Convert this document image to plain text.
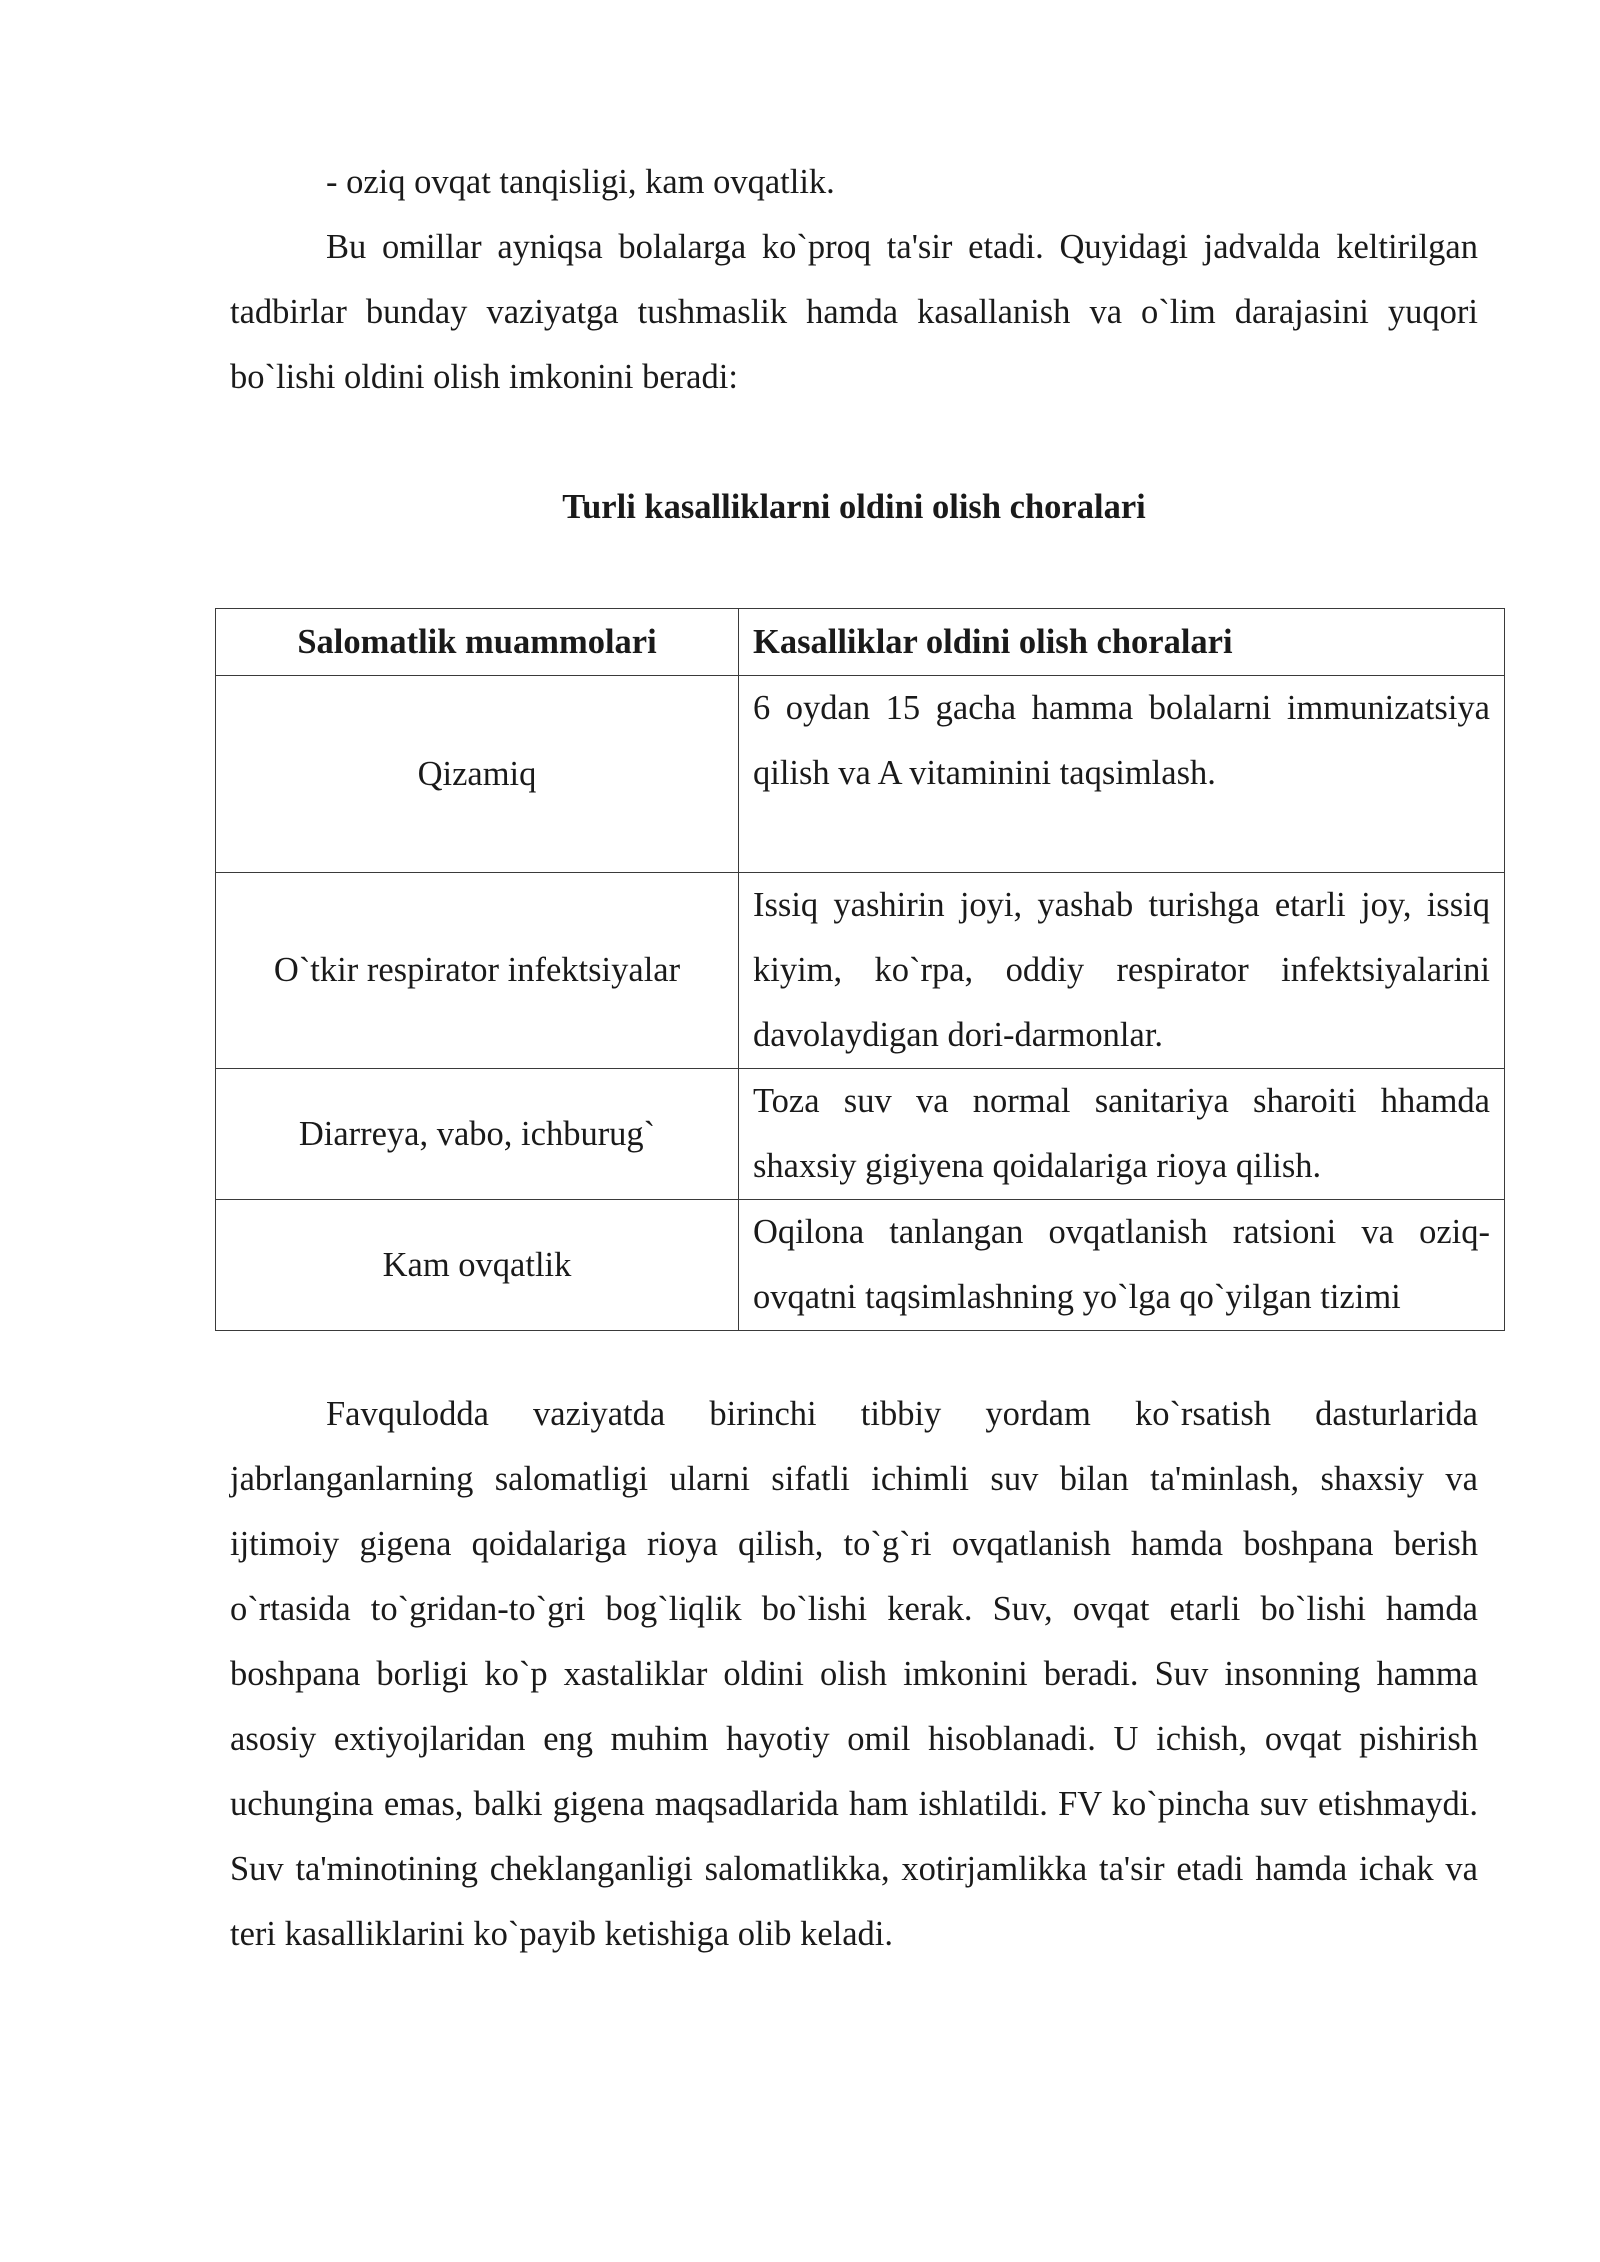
- oziq ovqat tanqisligi, kam ovqatlik.

Bu omillar ayniqsa bolalarga ko`proq ta'sir etadi. Quyidagi jadvalda keltirilgan tadbirlar bunday vaziyatga tushmaslik hamda kasallanish va o`lim darajasini yuqori bo`lishi oldini olish imkonini beradi:

Turli kasalliklarni oldini olish choralari

Salomatlik muammolari	Kasalliklar oldini olish choralari
Qizamiq	6 oydan 15 gacha hamma bolalarni immunizatsiya qilish va A vitaminini taqsimlash.
O`tkir respirator infektsiyalar	Issiq yashirin joyi, yashab turishga etarli joy, issiq kiyim, ko`rpa, oddiy respirator infektsiyalarini davolaydigan dori-darmonlar.
Diarreya, vabo, ichburug`	Toza suv va normal sanitariya sharoiti hhamda shaxsiy gigiyena qoidalariga rioya qilish.
Kam ovqatlik	Oqilona tanlangan ovqatlanish ratsioni va oziq-ovqatni taqsimlashning yo`lga qo`yilgan tizimi

Favqulodda vaziyatda birinchi tibbiy yordam ko`rsatish dasturlarida jabrlanganlarning salomatligi ularni sifatli ichimli suv bilan ta'minlash, shaxsiy va ijtimoiy gigena qoidalariga rioya qilish, to`g`ri ovqatlanish hamda boshpana berish o`rtasida to`gridan-to`gri bog`liqlik bo`lishi kerak. Suv, ovqat etarli bo`lishi hamda boshpana borligi ko`p xastaliklar oldini olish imkonini beradi. Suv insonning hamma asosiy extiyojlaridan eng muhim hayotiy omil hisoblanadi. U ichish, ovqat pishirish uchungina emas, balki gigena maqsadlarida ham ishlatildi. FV ko`pincha suv etishmaydi. Suv ta'minotining cheklanganligi salomatlikka, xotirjamlikka ta'sir etadi hamda ichak va teri kasalliklarini ko`payib ketishiga olib keladi.
